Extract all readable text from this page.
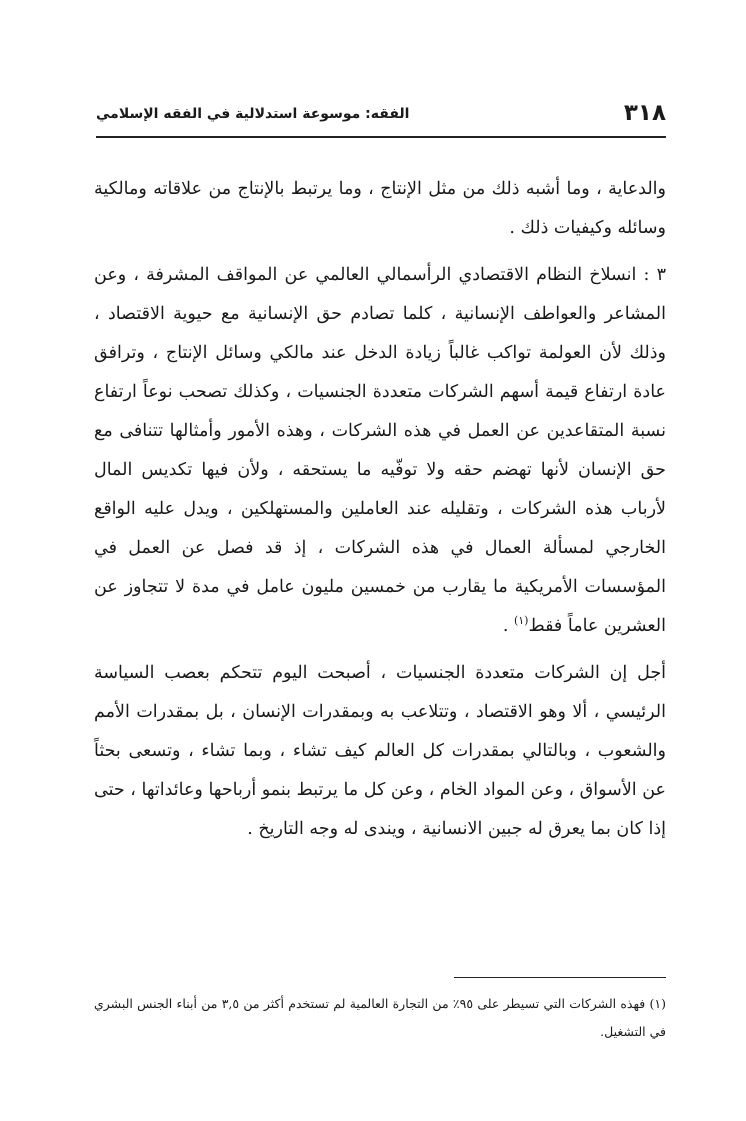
٣١٨
الفقه: موسوعة استدلالية في الفقه الإسلامي

والدعاية ، وما أشبه ذلك من مثل الإنتاج ، وما يرتبط بالإنتاج من علاقاته ومالكية وسائله وكيفيات ذلك .

٣ : انسلاخ النظام الاقتصادي الرأسمالي العالمي عن المواقف المشرفة ، وعن المشاعر والعواطف الإنسانية ، كلما تصادم حق الإنسانية مع حيوية الاقتصاد ، وذلك لأن العولمة تواكب غالباً زيادة الدخل عند مالكي وسائل الإنتاج ، وترافق عادة ارتفاع قيمة أسهم الشركات متعددة الجنسيات ، وكذلك تصحب نوعاً ارتفاع نسبة المتقاعدين عن العمل في هذه الشركات ، وهذه الأمور وأمثالها تتنافى مع حق الإنسان لأنها تهضم حقه ولا توفّيه ما يستحقه ، ولأن فيها تكديس المال لأرباب هذه الشركات ، وتقليله عند العاملين والمستهلكين ، ويدل عليه الواقع الخارجي لمسألة العمال في هذه الشركات ، إذ قد فصل عن العمل في المؤسسات الأمريكية ما يقارب من خمسين مليون عامل في مدة لا تتجاوز عن العشرين عاماً فقط$^{(١)}$ .

أجل إن الشركات متعددة الجنسيات ، أصبحت اليوم تتحكم بعصب السياسة الرئيسي ، ألا وهو الاقتصاد ، وتتلاعب به وبمقدرات الإنسان ، بل بمقدرات الأمم والشعوب ، وبالتالي بمقدرات كل العالم كيف تشاء ، وبما تشاء ، وتسعى بحثاً عن الأسواق ، وعن المواد الخام ، وعن كل ما يرتبط بنمو أرباحها وعائداتها ، حتى إذا كان بما يعرق له جبين الانسانية ، ويندى له وجه التاريخ .

(١) فهذه الشركات التي تسيطر على ٩٥٪ من التجارة العالمية لم تستخدم أكثر من ٣,٥ من أبناء الجنس البشري في التشغيل.
